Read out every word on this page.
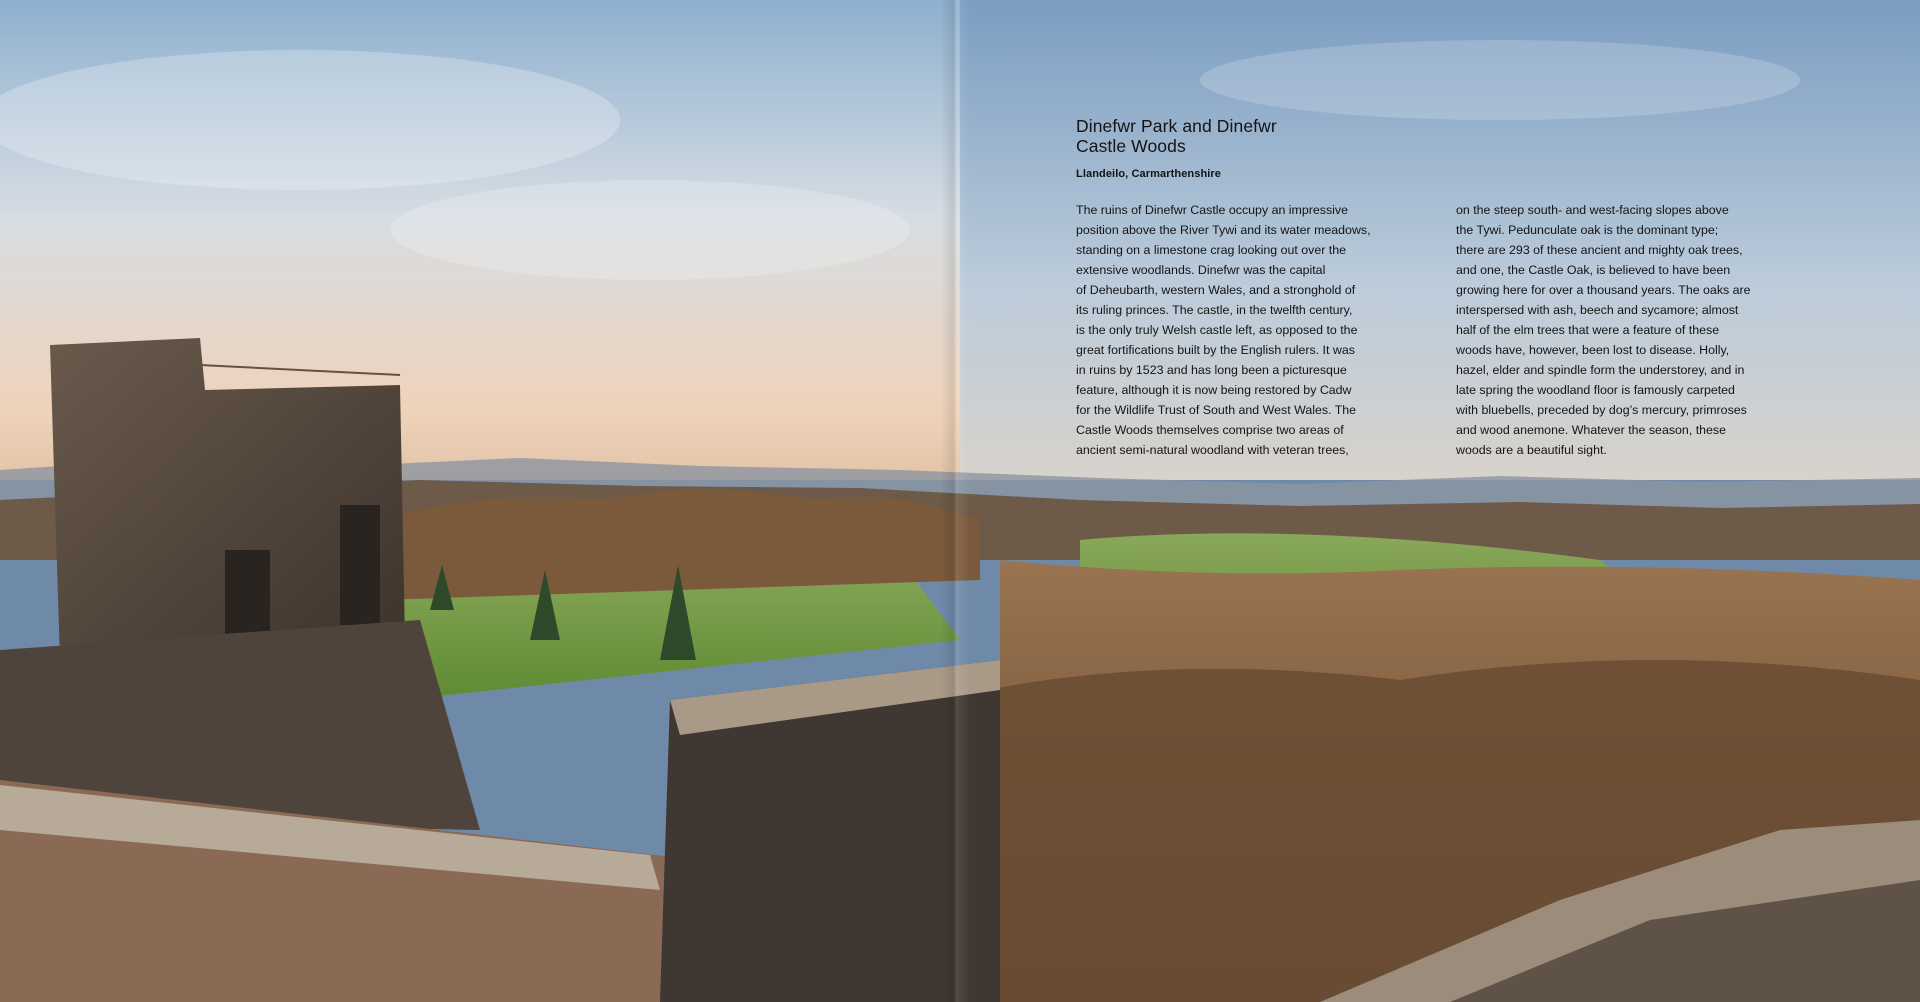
Dinefwr Park and Dinefwr
Castle Woods
Llandeilo, Carmarthenshire
The ruins of Dinefwr Castle occupy an impressive
position above the River Tywi and its water meadows,
standing on a limestone crag looking out over the
extensive woodlands. Dinefwr was the capital
of Deheubarth, western Wales, and a stronghold of
its ruling princes. The castle, in the twelfth century,
is the only truly Welsh castle left, as opposed to the
great fortifications built by the English rulers. It was
in ruins by 1523 and has long been a picturesque
feature, although it is now being restored by Cadw
for the Wildlife Trust of South and West Wales. The
Castle Woods themselves comprise two areas of
ancient semi-natural woodland with veteran trees,
on the steep south- and west-facing slopes above
the Tywi. Pedunculate oak is the dominant type;
there are 293 of these ancient and mighty oak trees,
and one, the Castle Oak, is believed to have been
growing here for over a thousand years. The oaks are
interspersed with ash, beech and sycamore; almost
half of the elm trees that were a feature of these
woods have, however, been lost to disease. Holly,
hazel, elder and spindle form the understorey, and in
late spring the woodland floor is famously carpeted
with bluebells, preceded by dog’s mercury, primroses
and wood anemone. Whatever the season, these
woods are a beautiful sight.
